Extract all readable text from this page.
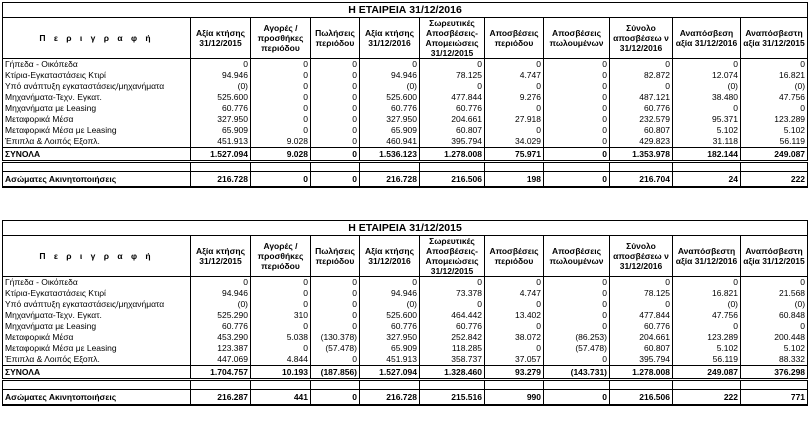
Η ΕΤΑΙΡΕΙΑ 31/12/2016										
Π ε ρ ι γ ρ α φ ή	Αξία κτήσης 31/12/2015	Αγορές / προσθήκες περιόδου	Πωλήσεις περιόδου	Αξία κτήσης 31/12/2016	Σωρευτικές Αποσβέσεις-Απομειώσεις 31/12/2015	Αποσβέσεις περιόδου	Αποσβέσεις πωλουμένων	Σύνολο αποσβέσεω ν 31/12/2016	Αναπόσβεση αξία 31/12/2016	Αναπόσβεστη αξία 31/12/2015
Γήπεδα - Οικόπεδα	0	0	0	0	0	0	0	0	0	0
Κτίρια-Εγκαταστάσεις Κτιρί	94.946	0	0	94.946	78.125	4.747	0	82.872	12.074	16.821
Υπό ανάπτυξη εγκαταστάσεις/μηχανήματα	(0)	0	0	(0)	0	0	0	0	(0)	(0)
Μηχανήματα-Τεχν. Εγκατ.	525.600	0	0	525.600	477.844	9.276	0	487.121	38.480	47.756
Μηχανήματα με Leasing	60.776	0	0	60.776	60.776	0	0	60.776	0	0
Μεταφορικά Μέσα	327.950	0	0	327.950	204.661	27.918	0	232.579	95.371	123.289
Μεταφορικά Μέσα με Leasing	65.909	0	0	65.909	60.807	0	0	60.807	5.102	5.102
Έπιπλα & Λοιπός Εξοπλ.	451.913	9.028	0	460.941	395.794	34.029	0	429.823	31.118	56.119
ΣΥΝΟΛΑ	1.527.094	9.028	0	1.536.123	1.278.008	75.971	0	1.353.978	182.144	249.087

Ασώματες Ακινητοποιήσεις	216.728	0	0	216.728	216.506	198	0	216.704	24	222
Η ΕΤΑΙΡΕΙΑ 31/12/2015										
Π ε ρ ι γ ρ α φ ή	Αξία κτήσης 31/12/2015	Αγορές / προσθήκες περιόδου	Πωλήσεις περιόδου	Αξία κτήσης 31/12/2016	Σωρευτικές Αποσβέσεις-Απομειώσεις 31/12/2015	Αποσβέσεις περιόδου	Αποσβέσεις πωλουμένων	Σύνολο αποσβέσεω ν 31/12/2016	Αναπόσβεστη αξία 31/12/2016	Αναπόσβεστη αξία 31/12/2015
Γήπεδα - Οικόπεδα	0	0	0	0	0	0	0	0	0	0
Κτίρια-Εγκαταστάσεις Κτιρί	94.946	0	0	94.946	73.378	4.747	0	78.125	16.821	21.568
Υπό ανάπτυξη εγκαταστάσεις/μηχανήματα	(0)	0	0	(0)	0	0	0	0	(0)	(0)
Μηχανήματα-Τεχν. Εγκατ.	525.290	310	0	525.600	464.442	13.402	0	477.844	47.756	60.848
Μηχανήματα με Leasing	60.776	0	0	60.776	60.776	0	0	60.776	0	0
Μεταφορικά Μέσα	453.290	5.038	(130.378)	327.950	252.842	38.072	(86.253)	204.661	123.289	200.448
Μεταφορικά Μέσα με Leasing	123.387	0	(57.478)	65.909	118.285	0	(57.478)	60.807	5.102	5.102
Έπιπλα & Λοιπός Εξοπλ.	447.069	4.844	0	451.913	358.737	37.057	0	395.794	56.119	88.332
ΣΥΝΟΛΑ	1.704.757	10.193	(187.856)	1.527.094	1.328.460	93.279	(143.731)	1.278.008	249.087	376.298

Ασώματες Ακινητοποιήσεις	216.287	441	0	216.728	215.516	990	0	216.506	222	771
